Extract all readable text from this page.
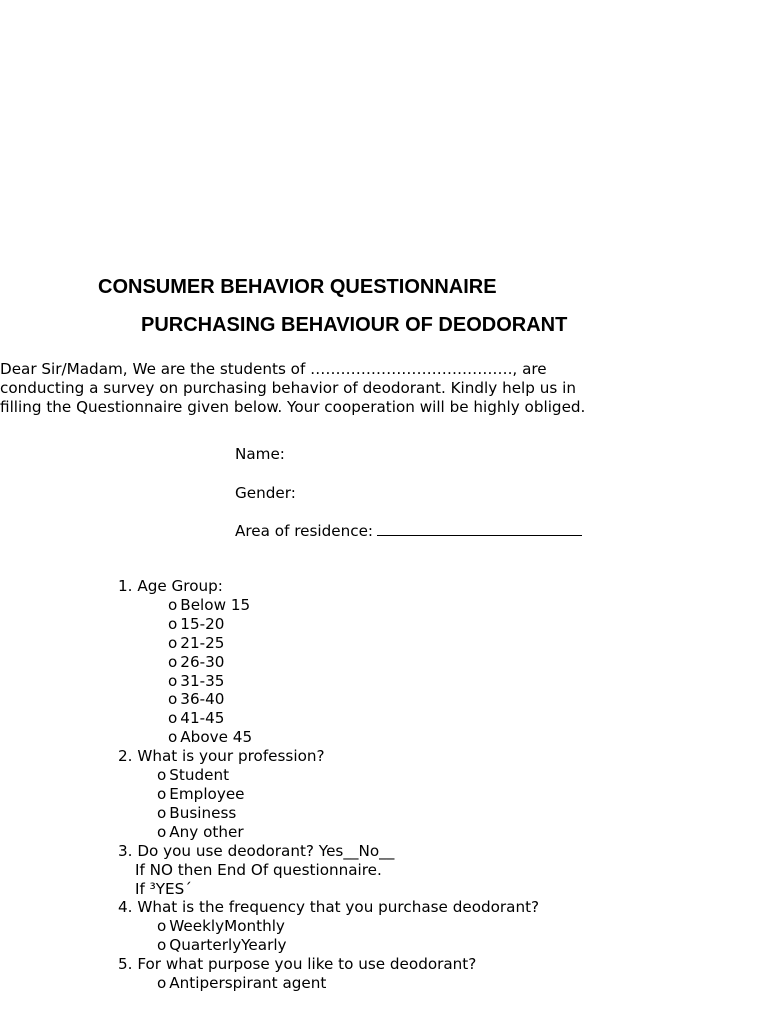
CONSUMER BEHAVIOR QUESTIONNAIRE
PURCHASING BEHAVIOUR OF DEODORANT
Dear Sir/Madam, We are the students of …………………………………., are
conducting a survey on purchasing behavior of deodorant. Kindly help us in
filling the Questionnaire given below. Your cooperation will be highly obliged.
Name:
Gender:
Area of residence:
1. Age Group:
o Below 15
o 15-20
o 21-25
o 26-30
o 31-35
o 36-40
o 41-45
o Above 45
2. What is your profession?
o Student
o Employee
o Business
o Any other
3. Do you use deodorant? Yes__No__
If NO then End Of questionnaire.
If ³YES´
4. What is the frequency that you purchase deodorant?
o WeeklyMonthly
o QuarterlyYearly
5. For what purpose you like to use deodorant?
o Antiperspirant agent
